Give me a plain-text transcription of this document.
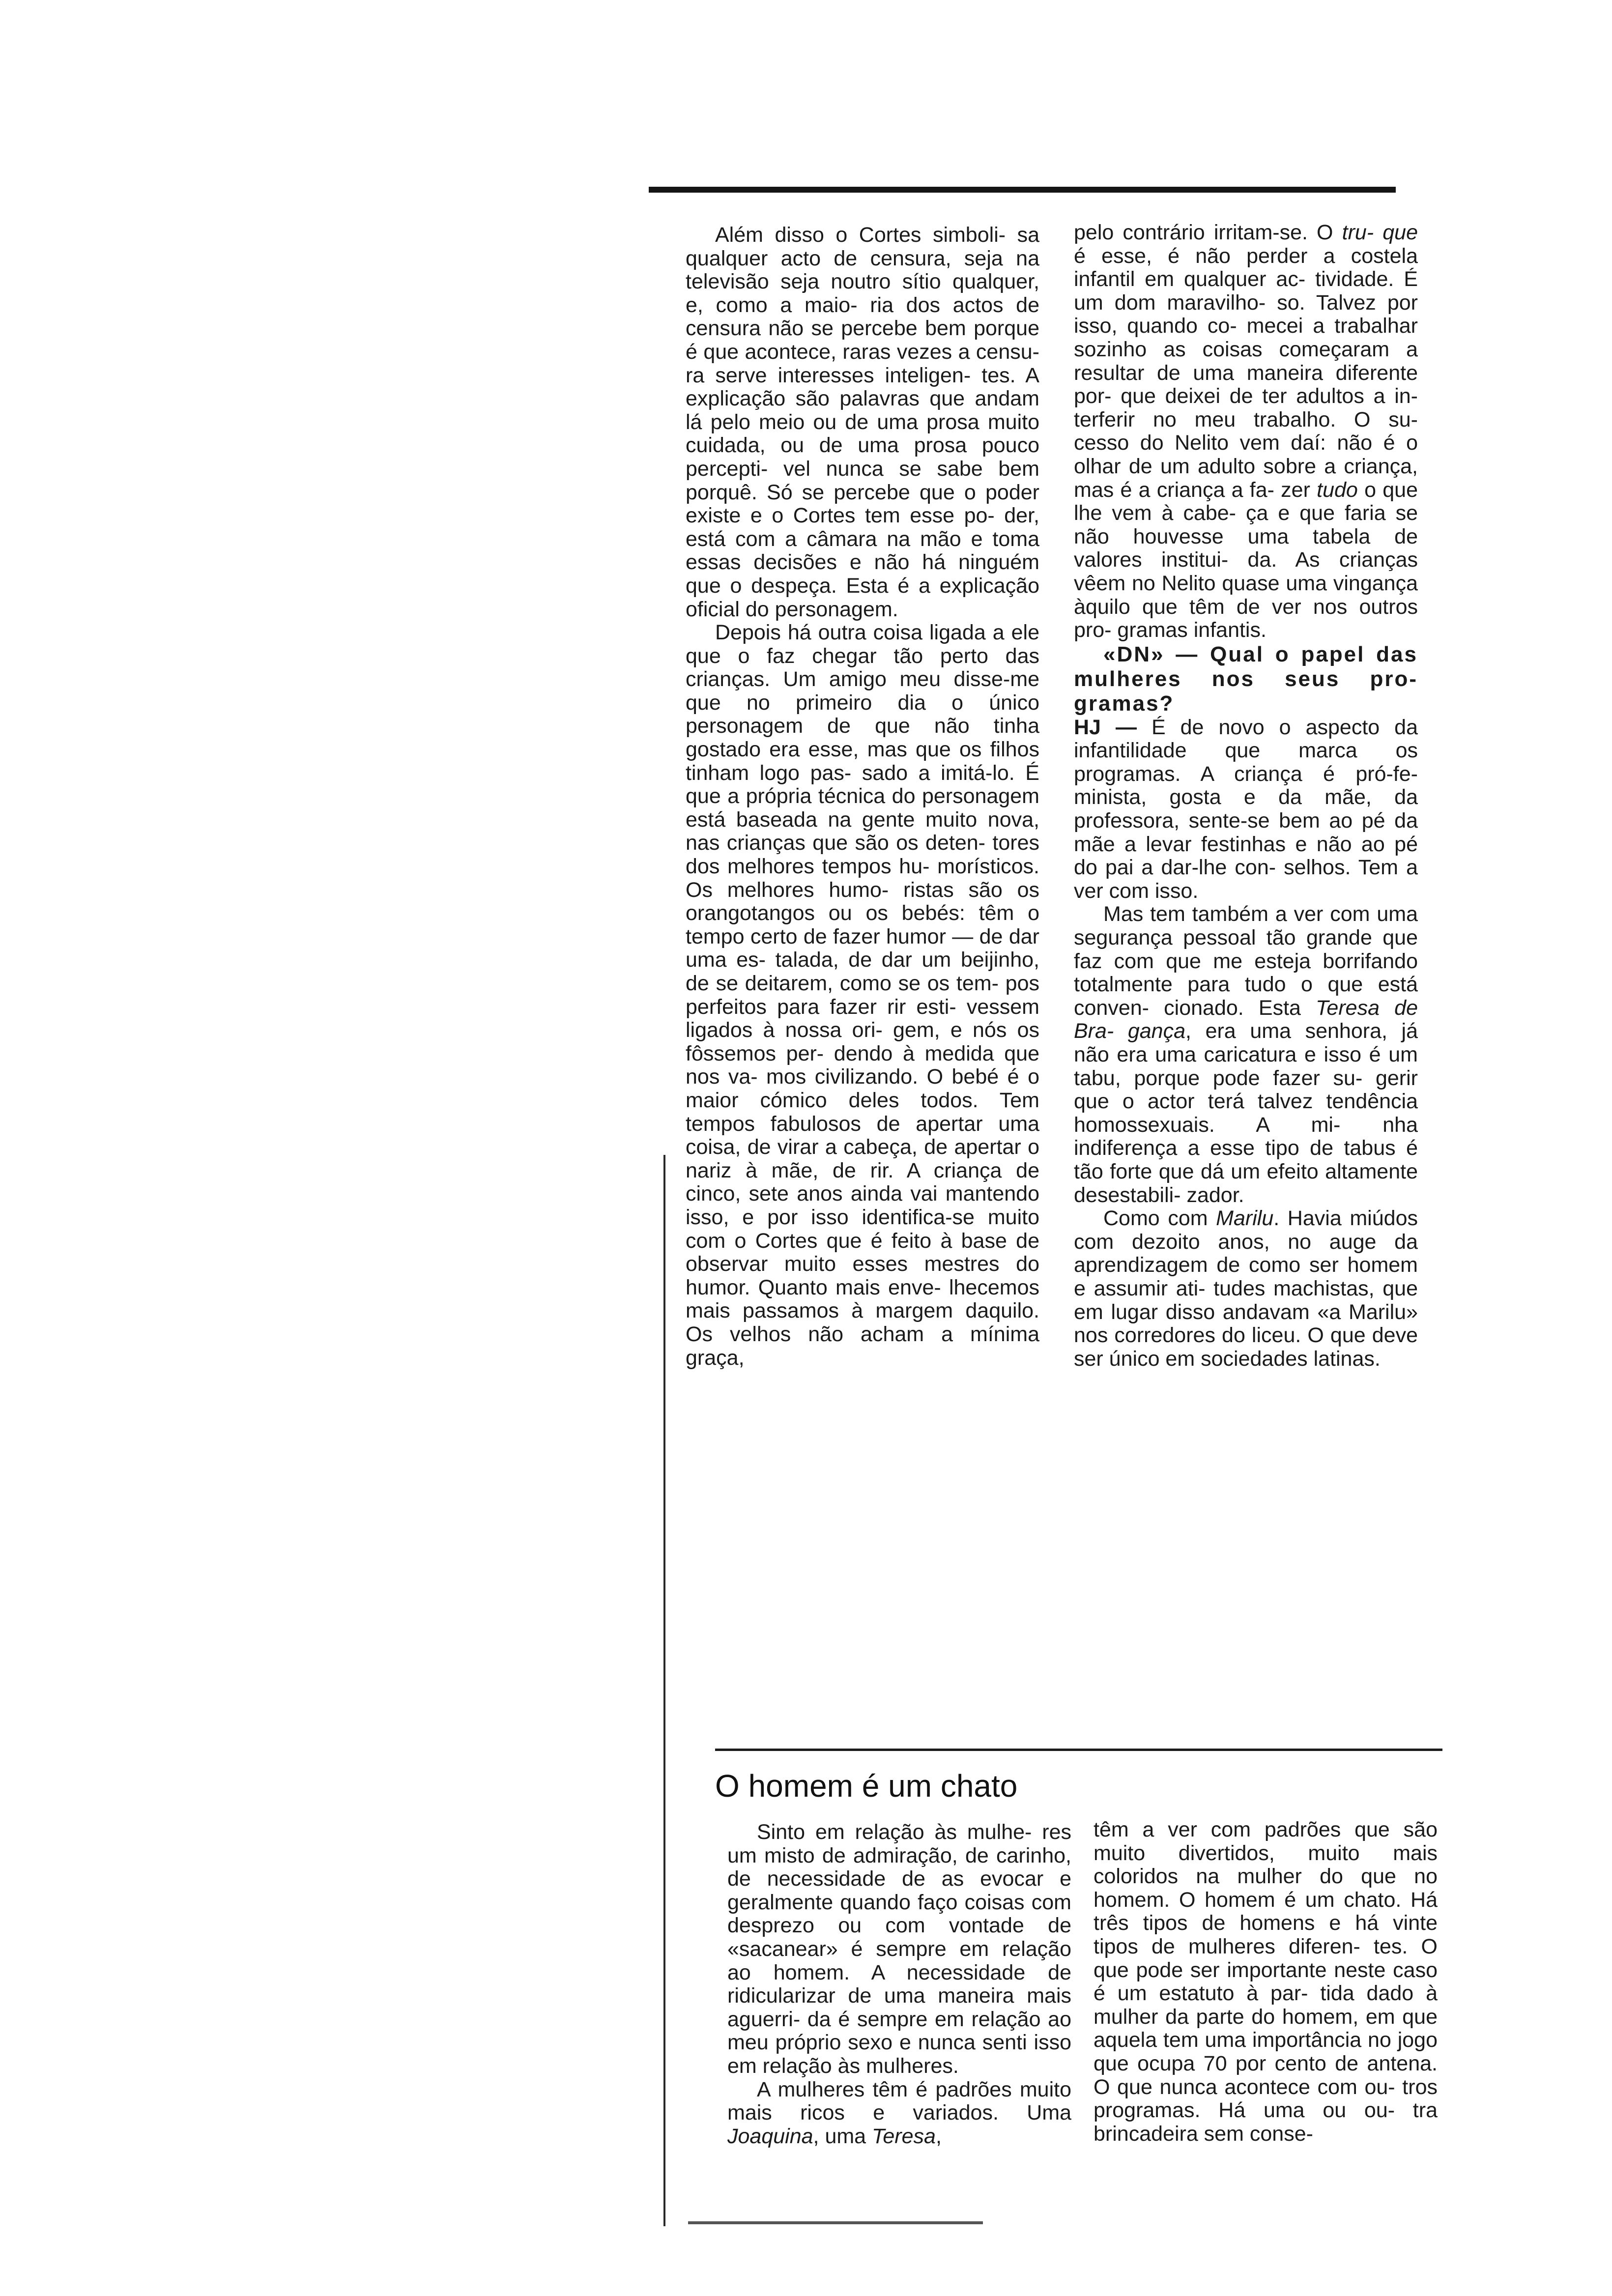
Além disso o Cortes simboli- sa qualquer acto de censura, seja na televisão seja noutro sítio qualquer, e, como a maio- ria dos actos de censura não se percebe bem porque é que acontece, raras vezes a censu- ra serve interesses inteligen- tes. A explicação são palavras que andam lá pelo meio ou de uma prosa muito cuidada, ou de uma prosa pouco percepti- vel nunca se sabe bem porquê. Só se percebe que o poder existe e o Cortes tem esse po- der, está com a câmara na mão e toma essas decisões e não há ninguém que o despeça. Esta é a explicação oficial do personagem.

Depois há outra coisa ligada a ele que o faz chegar tão perto das crianças. Um amigo meu disse-me que no primeiro dia o único personagem de que não tinha gostado era esse, mas que os filhos tinham logo pas- sado a imitá-lo. É que a própria técnica do personagem está baseada na gente muito nova, nas crianças que são os deten- tores dos melhores tempos hu- morísticos. Os melhores humo- ristas são os orangotangos ou os bebés: têm o tempo certo de fazer humor — de dar uma es- talada, de dar um beijinho, de se deitarem, como se os tem- pos perfeitos para fazer rir esti- vessem ligados à nossa ori- gem, e nós os fôssemos per- dendo à medida que nos va- mos civilizando. O bebé é o maior cómico deles todos. Tem tempos fabulosos de apertar uma coisa, de virar a cabeça, de apertar o nariz à mãe, de rir. A criança de cinco, sete anos ainda vai mantendo isso, e por isso identifica-se muito com o Cortes que é feito à base de observar muito esses mestres do humor. Quanto mais enve- lhecemos mais passamos à margem daquilo. Os velhos não acham a mínima graça,

pelo contrário irritam-se. O tru- que é esse, é não perder a costela infantil em qualquer ac- tividade. É um dom maravilho- so. Talvez por isso, quando co- mecei a trabalhar sozinho as coisas começaram a resultar de uma maneira diferente por- que deixei de ter adultos a in- terferir no meu trabalho. O su- cesso do Nelito vem daí: não é o olhar de um adulto sobre a criança, mas é a criança a fa- zer tudo o que lhe vem à cabe- ça e que faria se não houvesse uma tabela de valores institui- da. As crianças vêem no Nelito quase uma vingança àquilo que têm de ver nos outros pro- gramas infantis.

«DN» — Qual o papel das mulheres nos seus pro- gramas?

HJ — É de novo o aspecto da infantilidade que marca os programas. A criança é pró-fe- minista, gosta e da mãe, da professora, sente-se bem ao pé da mãe a levar festinhas e não ao pé do pai a dar-lhe con- selhos. Tem a ver com isso.

Mas tem também a ver com uma segurança pessoal tão grande que faz com que me esteja borrifando totalmente para tudo o que está conven- cionado. Esta Teresa de Bra- gança, era uma senhora, já não era uma caricatura e isso é um tabu, porque pode fazer su- gerir que o actor terá talvez tendência homossexuais. A mi- nha indiferença a esse tipo de tabus é tão forte que dá um efeito altamente desestabili- zador.

Como com Marilu. Havia miúdos com dezoito anos, no auge da aprendizagem de como ser homem e assumir ati- tudes machistas, que em lugar disso andavam «a Marilu» nos corredores do liceu. O que deve ser único em sociedades latinas.

O homem é um chato

Sinto em relação às mulhe- res um misto de admiração, de carinho, de necessidade de as evocar e geralmente quando faço coisas com desprezo ou com vontade de «sacanear» é sempre em relação ao homem. A necessidade de ridicularizar de uma maneira mais aguerri- da é sempre em relação ao meu próprio sexo e nunca senti isso em relação às mulheres.

A mulheres têm é padrões muito mais ricos e variados. Uma Joaquina, uma Teresa,

têm a ver com padrões que são muito divertidos, muito mais coloridos na mulher do que no homem. O homem é um chato. Há três tipos de homens e há vinte tipos de mulheres diferen- tes. O que pode ser importante neste caso é um estatuto à par- tida dado à mulher da parte do homem, em que aquela tem uma importância no jogo que ocupa 70 por cento de antena. O que nunca acontece com ou- tros programas. Há uma ou ou- tra brincadeira sem conse-
